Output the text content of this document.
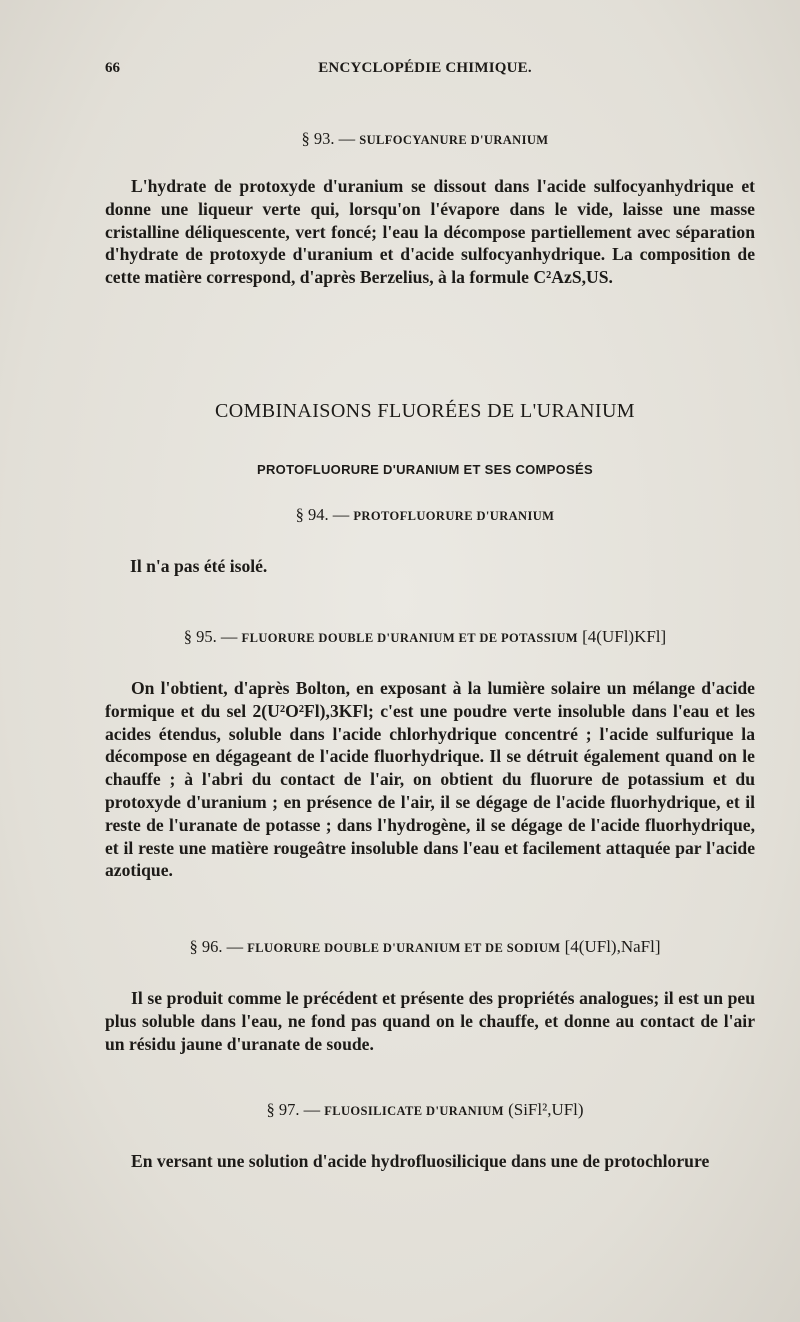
66	ENCYCLOPÉDIE CHIMIQUE.
§ 93. — SULFOCYANURE D'URANIUM
L'hydrate de protoxyde d'uranium se dissout dans l'acide sulfocyanhydrique et donne une liqueur verte qui, lorsqu'on l'évapore dans le vide, laisse une masse cristalline déliquescente, vert foncé; l'eau la décompose partiellement avec séparation d'hydrate de protoxyde d'uranium et d'acide sulfocyanhydrique. La composition de cette matière correspond, d'après Berzelius, à la formule C²AzS,US.
COMBINAISONS FLUORÉES DE L'URANIUM
PROTOFLUORURE D'URANIUM ET SES COMPOSÉS
§ 94. — PROTOFLUORURE D'URANIUM
Il n'a pas été isolé.
§ 95. — FLUORURE DOUBLE D'URANIUM ET DE POTASSIUM [4(UFl)KFl]
On l'obtient, d'après Bolton, en exposant à la lumière solaire un mélange d'acide formique et du sel 2(U²O²Fl),3KFl; c'est une poudre verte insoluble dans l'eau et les acides étendus, soluble dans l'acide chlorhydrique concentré ; l'acide sulfurique la décompose en dégageant de l'acide fluorhydrique. Il se détruit également quand on le chauffe ; à l'abri du contact de l'air, on obtient du fluorure de potassium et du protoxyde d'uranium ; en présence de l'air, il se dégage de l'acide fluorhydrique, et il reste de l'uranate de potasse ; dans l'hydrogène, il se dégage de l'acide fluorhydrique, et il reste une matière rougeâtre insoluble dans l'eau et facilement attaquée par l'acide azotique.
§ 96. — FLUORURE DOUBLE D'URANIUM ET DE SODIUM [4(UFl),NaFl]
Il se produit comme le précédent et présente des propriétés analogues; il est un peu plus soluble dans l'eau, ne fond pas quand on le chauffe, et donne au contact de l'air un résidu jaune d'uranate de soude.
§ 97. — FLUOSILICATE D'URANIUM (SiFl²,UFl)
En versant une solution d'acide hydrofluosilicique dans une de protochlorure
